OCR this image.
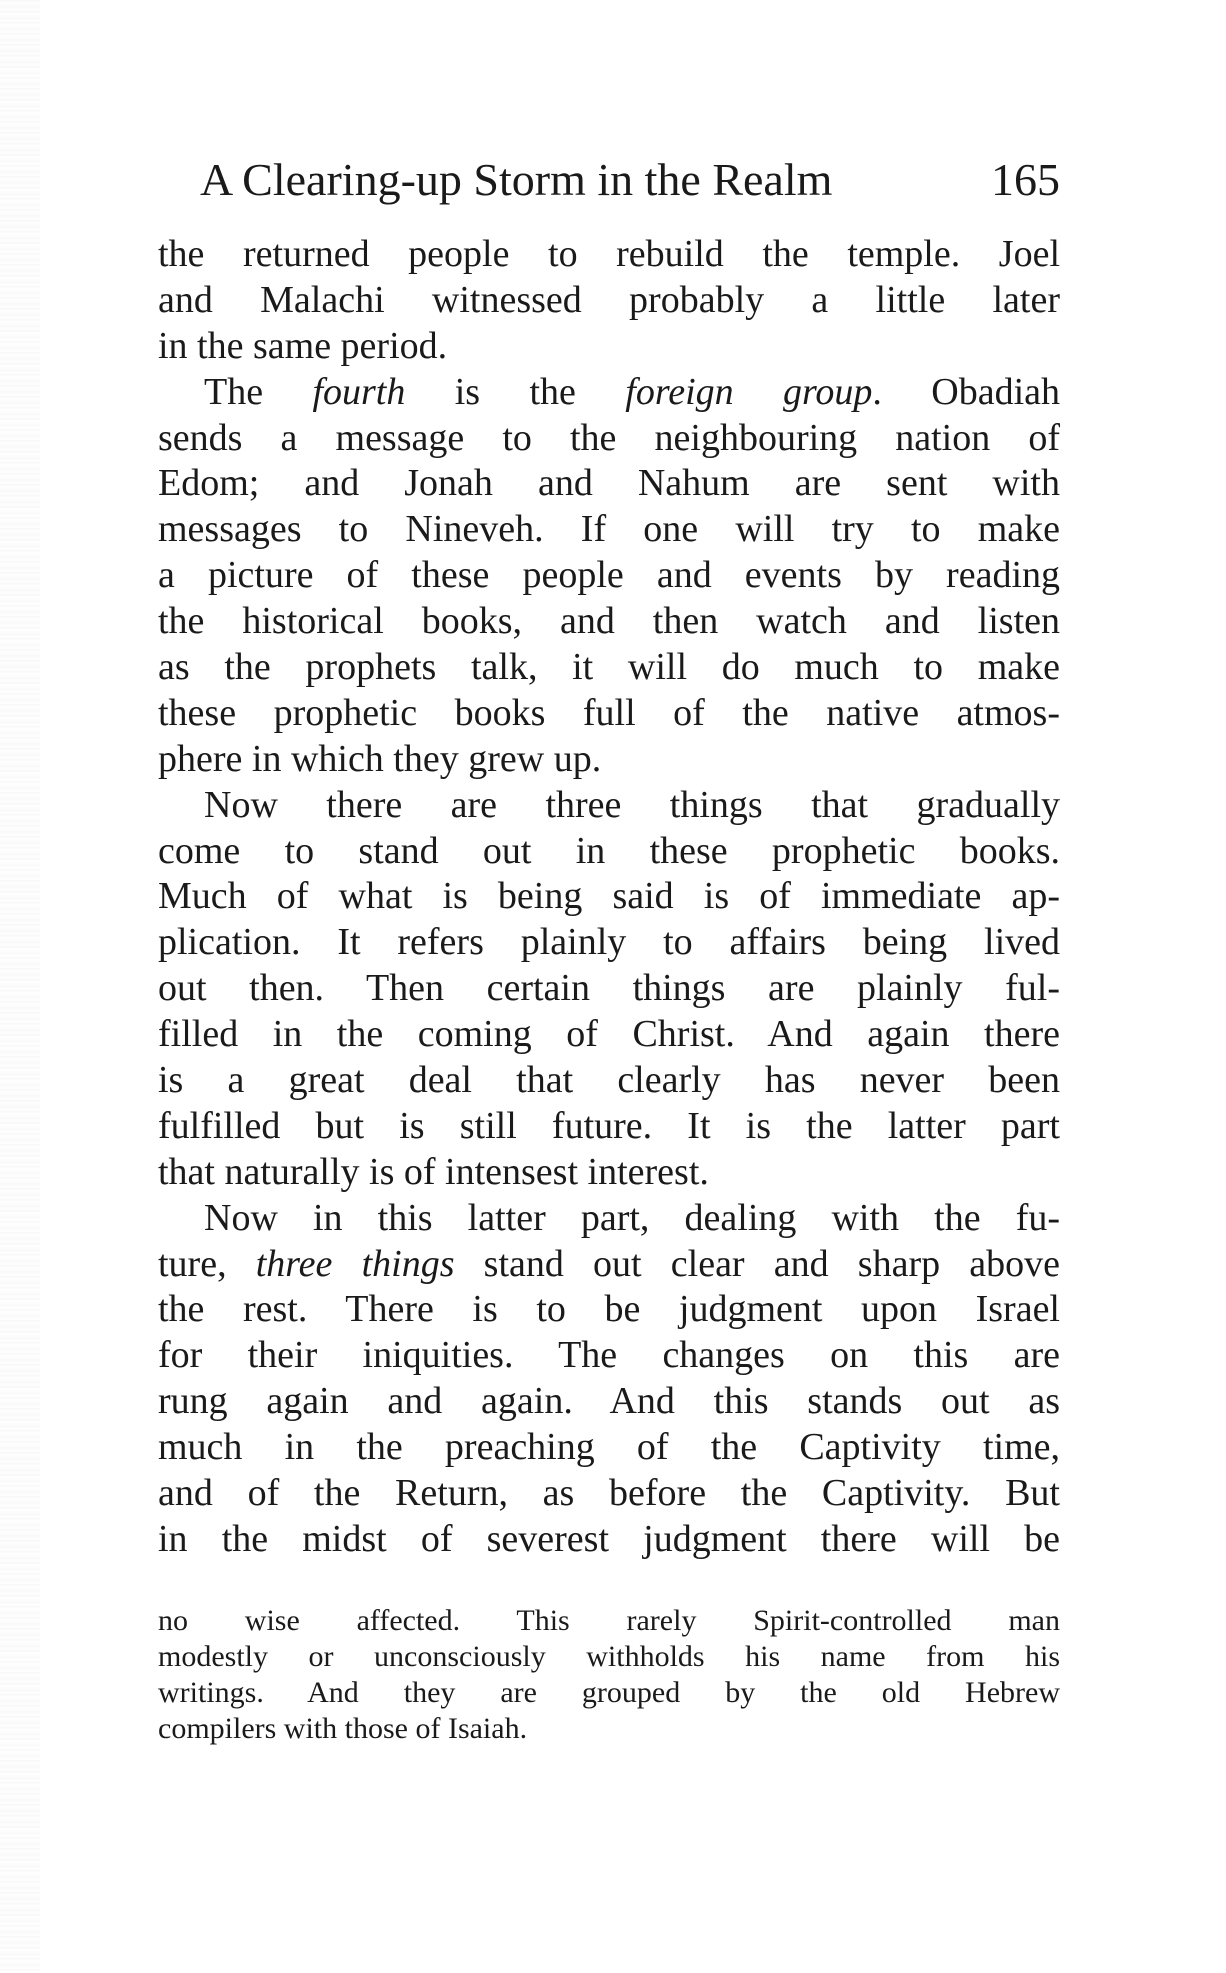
A Clearing-up Storm in the Realm	165
the returned people to rebuild the temple. Joel
and Malachi witnessed probably a little later
in the same period.
The fourth is the foreign group. Obadiah
sends a message to the neighbouring nation of
Edom; and Jonah and Nahum are sent with
messages to Nineveh. If one will try to make
a picture of these people and events by reading
the historical books, and then watch and listen
as the prophets talk, it will do much to make
these prophetic books full of the native atmos-
phere in which they grew up.
Now there are three things that gradually
come to stand out in these prophetic books.
Much of what is being said is of immediate ap-
plication. It refers plainly to affairs being lived
out then. Then certain things are plainly ful-
filled in the coming of Christ. And again there
is a great deal that clearly has never been
fulfilled but is still future. It is the latter part
that naturally is of intensest interest.
Now in this latter part, dealing with the fu-
ture, three things stand out clear and sharp above
the rest. There is to be judgment upon Israel
for their iniquities. The changes on this are
rung again and again. And this stands out as
much in the preaching of the Captivity time,
and of the Return, as before the Captivity. But
in the midst of severest judgment there will be
no wise affected. This rarely Spirit-controlled man
modestly or unconsciously withholds his name from his
writings. And they are grouped by the old Hebrew
compilers with those of Isaiah.
